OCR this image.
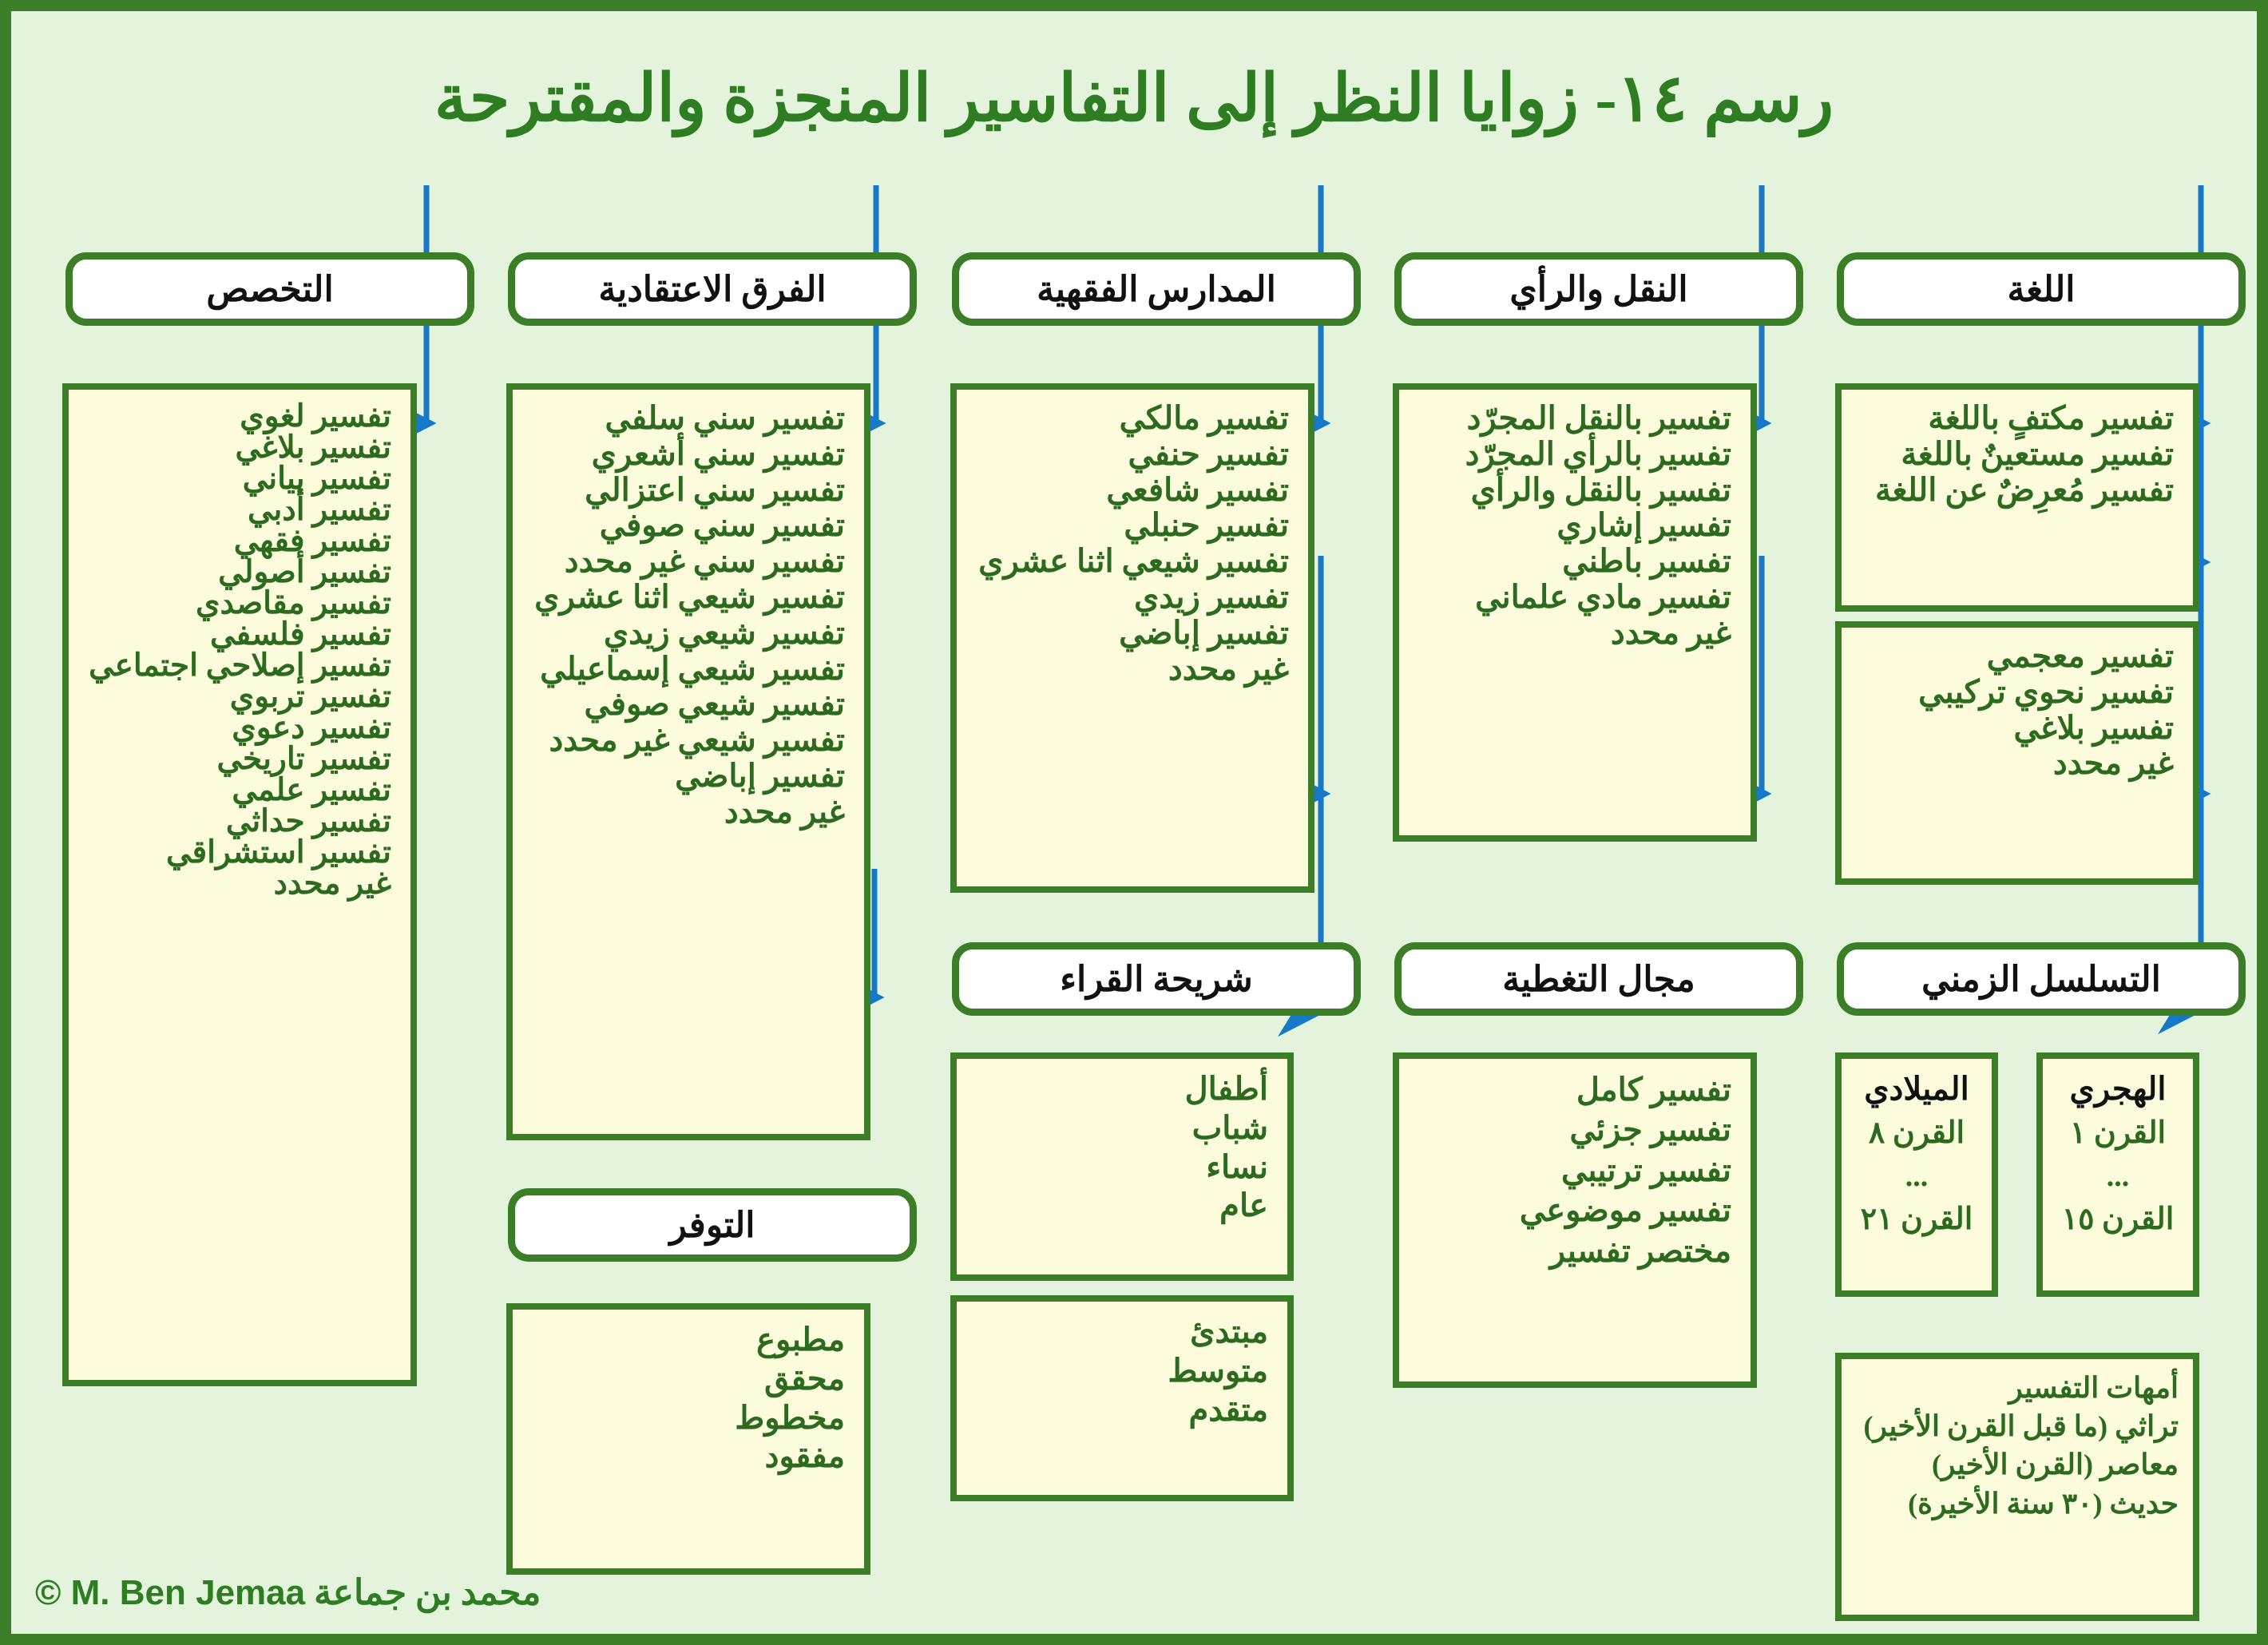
رسم ١٤- زوايا النظر إلى التفاسير المنجزة والمقترحة
التخصص	الفرق الاعتقادية	المدارس الفقهية	النقل والرأي	اللغة
تفسير لغوي
تفسير بلاغي
تفسير بياني
تفسير أدبي
تفسير فقهي
تفسير أصولي
تفسير مقاصدي
تفسير فلسفي
تفسير إصلاحي اجتماعي
تفسير تربوي
تفسير دعوي
تفسير تاريخي
تفسير علمي
تفسير حداثي
تفسير استشراقي
غير محدد
تفسير سني سلفي
تفسير سني أشعري
تفسير سني اعتزالي
تفسير سني صوفي
تفسير سني غير محدد
تفسير شيعي اثنا عشري
تفسير شيعي زيدي
تفسير شيعي إسماعيلي
تفسير شيعي صوفي
تفسير شيعي غير محدد
تفسير إباضي
غير محدد
تفسير مالكي
تفسير حنفي
تفسير شافعي
تفسير حنبلي
تفسير شيعي اثنا عشري
تفسير زيدي
تفسير إباضي
غير محدد
تفسير بالنقل المجرّد
تفسير بالرأي المجرّد
تفسير بالنقل والرأي
تفسير إشاري
تفسير باطني
تفسير مادي علماني
غير محدد
تفسير مكتفٍ باللغة
تفسير مستعينٌ باللغة
تفسير مُعرِضٌ عن اللغة
تفسير معجمي
تفسير نحوي تركيبي
تفسير بلاغي
غير محدد
التوفر
شريحة القراء	مجال التغطية	التسلسل الزمني
مطبوع
محقق
مخطوط
مفقود
أطفال
شباب
نساء
عام
مبتدئ
متوسط
متقدم
تفسير كامل
تفسير جزئي
تفسير ترتيبي
تفسير موضوعي
مختصر تفسير
الهجري
القرن ١
...
القرن ١٥
الميلادي
القرن ٨
...
القرن ٢١
أمهات التفسير
تراثي (ما قبل القرن الأخير)
معاصر (القرن الأخير)
حديث (٣٠ سنة الأخيرة)
محمد بن جماعة © M. Ben Jemaa
